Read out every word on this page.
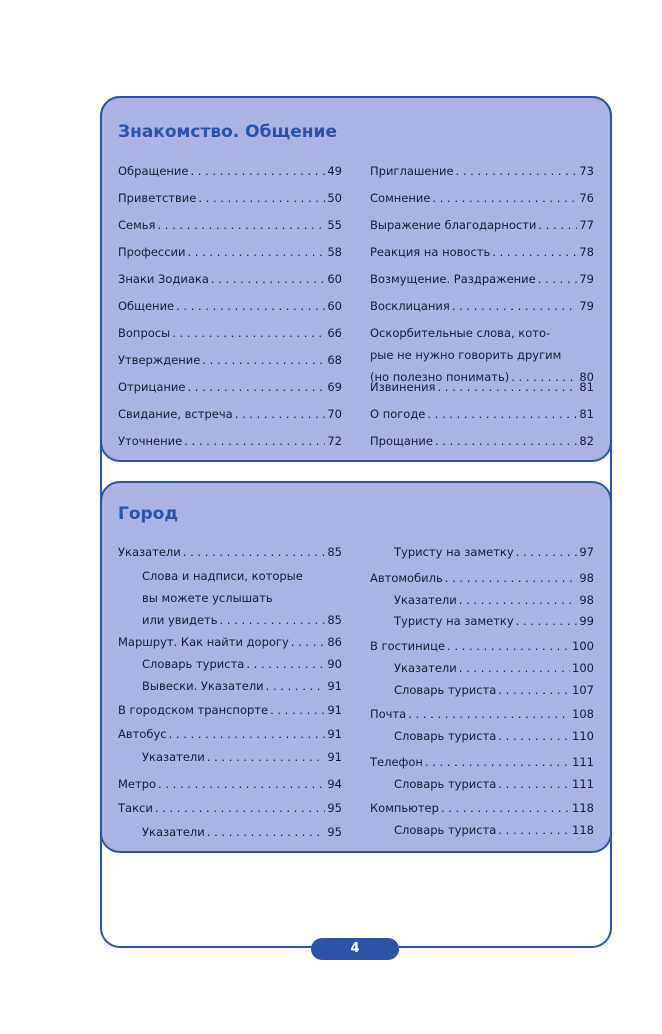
Знакомство. Общение
Обращение . . .	49
Приветствие . . .	50
Семья . . .	55
Профессии . . .	58
Знаки Зодиака . . .	60
Общение . . .	60
Вопросы . . .	66
Утверждение . . .	68
Отрицание . . .	69
Свидание, встреча . . .	70
Уточнение . . .	72
Приглашение . . .	73
Сомнение . . .	76
Выражение благодарности . . .	77
Реакция на новость . . .	78
Возмущение. Раздражение . . .	79
Восклицания . . .	79
Оскорбительные слова, кото-
рые не нужно говорить другим
(но полезно понимать) . . .	80
Извинения . . .	81
О погоде . . .	81
Прощание . . .	82
Город
Указатели . . .	85
Слова и надписи, которые
вы можете услышать
или увидеть . . .	85
Маршрут. Как найти дорогу . . .	86
Словарь туриста . . .	90
Вывески. Указатели . . .	91
В городском транспорте . . .	91
Автобус . . .	91
Указатели . . .	91
Метро . . .	94
Такси . . .	95
Указатели . . .	95
Туристу на заметку . . .	97
Автомобиль . . .	98
Указатели . . .	98
Туристу на заметку . . .	99
В гостинице . . .	100
Указатели . . .	100
Словарь туриста . . .	107
Почта . . .	108
Словарь туриста . . .	110
Телефон . . .	111
Словарь туриста . . .	111
Компьютер . . .	118
Словарь туриста . . .	118
4
